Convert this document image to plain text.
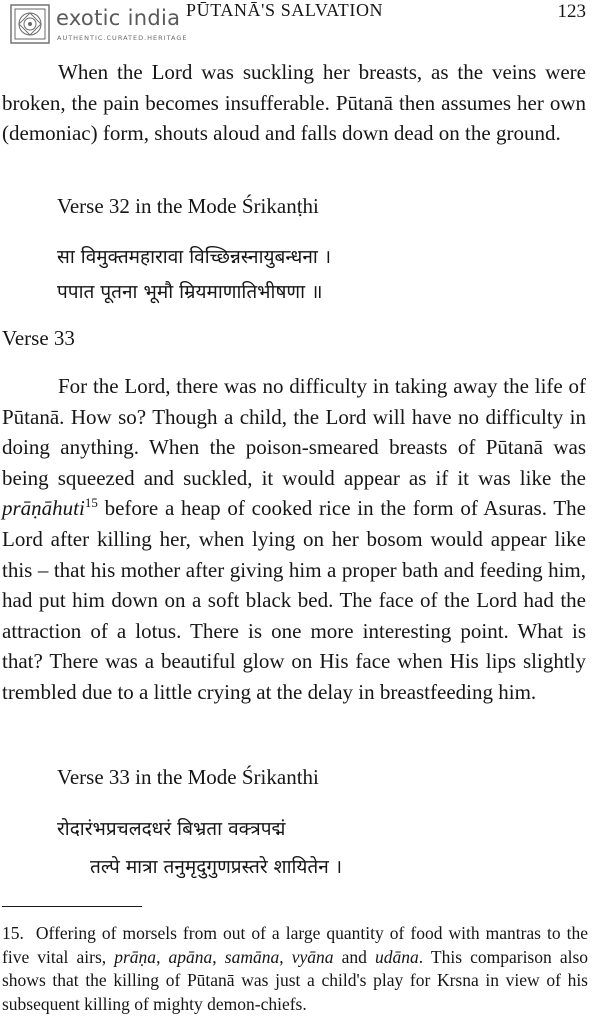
exotic india
AUTHENTIC.CURATED.HERITAGE
PŪTANĀ'S SALVATION	123

When the Lord was suckling her breasts, as the veins were broken, the pain becomes insufferable. Pūtanā then assumes her own (demoniac) form, shouts aloud and falls down dead on the ground.

Verse 32 in the Mode Śrikanṭhi
सा विमुक्तमहारावा विच्छिन्नस्नायुबन्धना ।
पपात पूतना भूमौ म्रियमाणातिभीषणा ॥
Verse 33

For the Lord, there was no difficulty in taking away the life of Pūtanā. How so? Though a child, the Lord will have no difficulty in doing anything. When the poison-smeared breasts of Pūtanā was being squeezed and suckled, it would appear as if it was like the prāṇāhuti$^{15}$ before a heap of cooked rice in the form of Asuras. The Lord after killing her, when lying on her bosom would appear like this – that his mother after giving him a proper bath and feeding him, had put him down on a soft black bed. The face of the Lord had the attraction of a lotus. There is one more interesting point. What is that? There was a beautiful glow on His face when His lips slightly trembled due to a little crying at the delay in breastfeeding him.

Verse 33 in the Mode Śrikanthi
रोदारंभप्रचलदधरं बिभ्रता वक्त्रपद्मं
तल्पे मात्रा तनुमृदुगुणप्रस्तरे शायितेन ।

15. Offering of morsels from out of a large quantity of food with mantras to the five vital airs, prāṇa, apāna, samāna, vyāna and udāna. This comparison also shows that the killing of Pūtanā was just a child's play for Krsna in view of his subsequent killing of mighty demon-chiefs.
